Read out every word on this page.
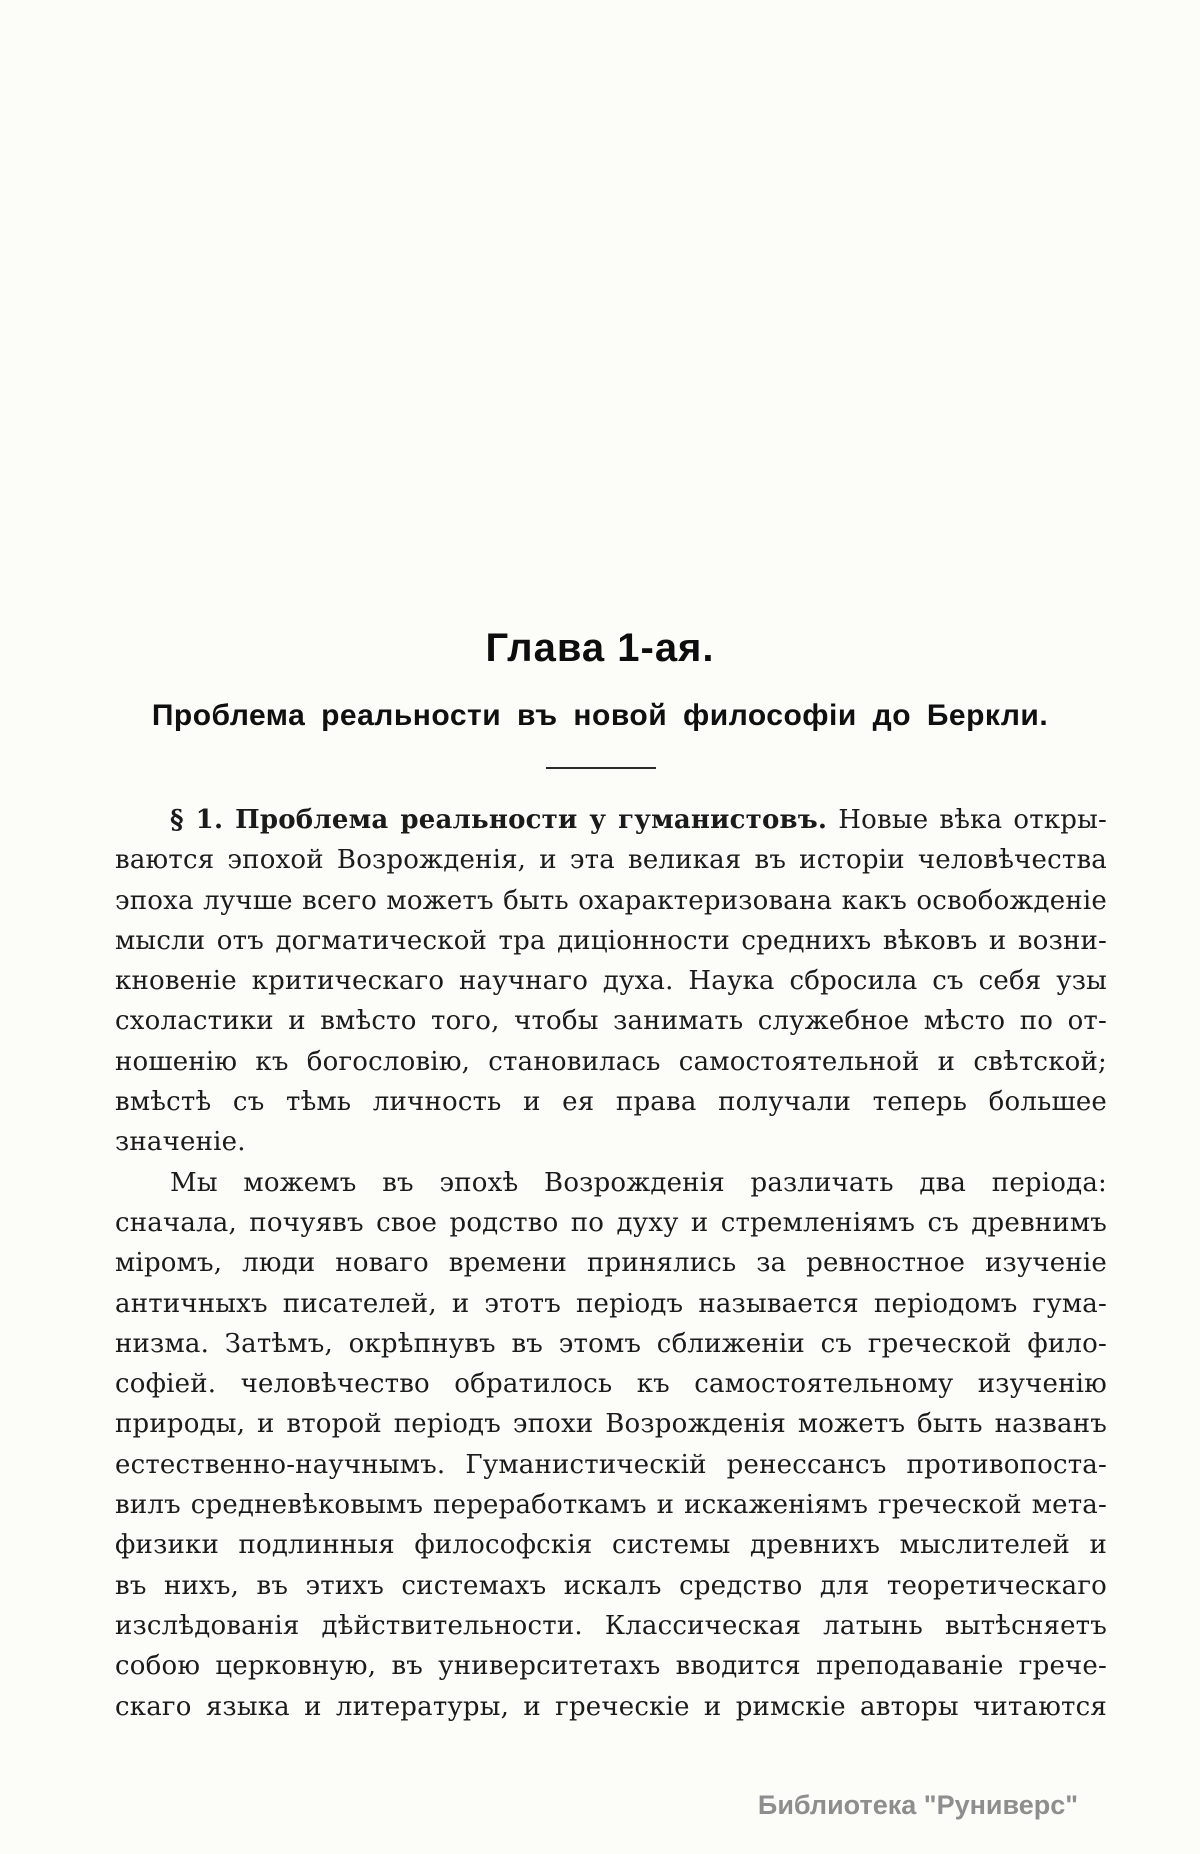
Глава 1-ая.
Проблема реальности въ новой философіи до Беркли.
§ 1. Проблема реальности у гуманистовъ. Новые вѣка откры-
ваются эпохой Возрожденія, и эта великая въ исторіи человѣчества
эпоха лучше всего можетъ быть охарактеризована какъ освобожденіе
мысли отъ догматической тра диціонности среднихъ вѣковъ и возни-
кновеніе критическаго научнаго духа. Наука сбросила съ себя узы
схоластики и вмѣсто того, чтобы занимать служебное мѣсто по от-
ношенію къ богословію, становилась самостоятельной и свѣтской;
вмѣстѣ съ тѣмь личность и ея права получали теперь большее
значеніе.
Мы можемъ въ эпохѣ Возрожденія различать два періода:
сначала, почуявъ свое родство по духу и стремленіямъ съ древнимъ
міромъ, люди новаго времени принялись за ревностное изученіе
античныхъ писателей, и этотъ періодъ называется періодомъ гума-
низма. Затѣмъ, окрѣпнувъ въ этомъ сближеніи съ греческой фило-
софіей. человѣчество обратилось къ самостоятельному изученію
природы, и второй періодъ эпохи Возрожденія можетъ быть названъ
естественно-научнымъ. Гуманистическій ренессансъ противопоста-
вилъ средневѣковымъ переработкамъ и искаженіямъ греческой мета-
физики подлинныя философскія системы древнихъ мыслителей и
въ нихъ, въ этихъ системахъ искалъ средство для теоретическаго
изслѣдованія дѣйствительности. Классическая латынь вытѣсняетъ
собою церковную, въ университетахъ вводится преподаваніе грече-
скаго языка и литературы, и греческіе и римскіе авторы читаются
Библиотека "Руниверс"
